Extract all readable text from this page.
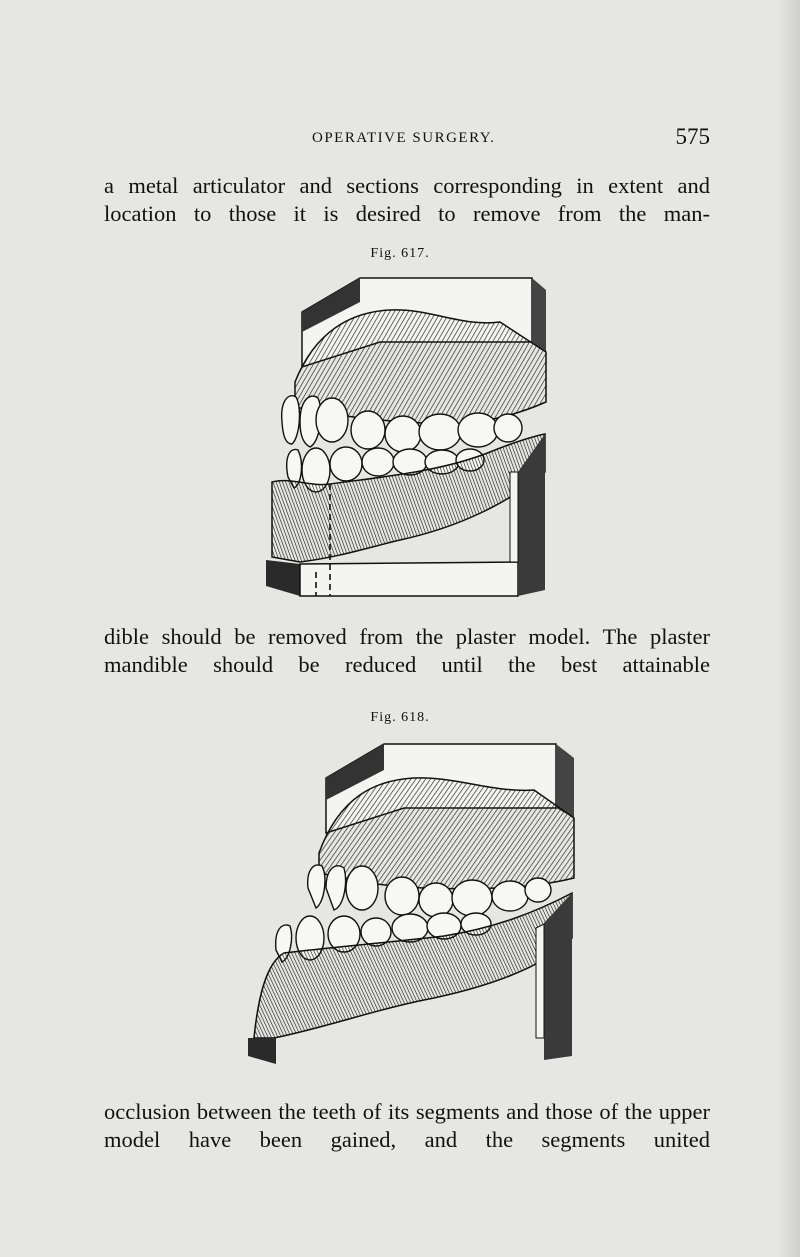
OPERATIVE SURGERY.	575

a metal articulator and sections corresponding in extent and location to those it is desired to remove from the man-

Fig. 617.

dible should be removed from the plaster model. The plaster mandible should be reduced until the best attainable

Fig. 618.

occlusion between the teeth of its segments and those of the upper model have been gained, and the segments united
